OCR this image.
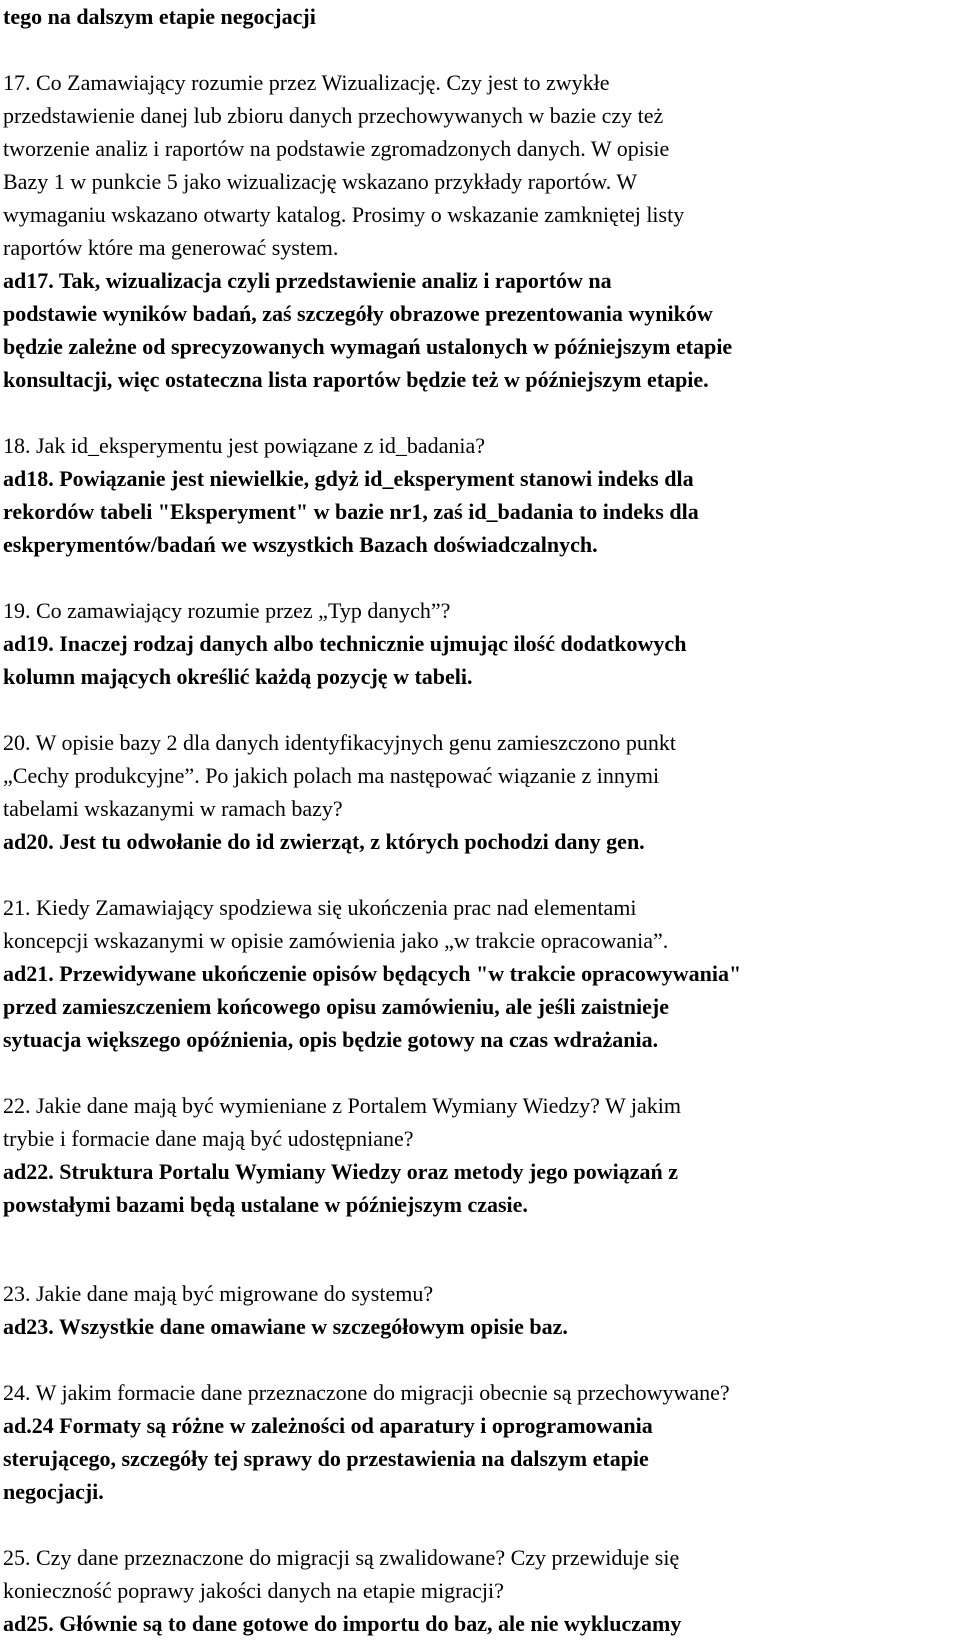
tego na dalszym etapie negocjacji
17. Co Zamawiający rozumie przez Wizualizację. Czy jest to zwykłe
przedstawienie danej lub zbioru danych przechowywanych w bazie czy też
tworzenie analiz i raportów na podstawie zgromadzonych danych. W opisie
Bazy 1 w punkcie 5 jako wizualizację wskazano przykłady raportów. W
wymaganiu wskazano otwarty katalog. Prosimy o wskazanie zamkniętej listy
raportów które ma generować system.
ad17. Tak, wizualizacja czyli przedstawienie analiz i raportów na
podstawie wyników badań, zaś szczegóły obrazowe prezentowania wyników
będzie zależne od sprecyzowanych wymagań ustalonych w późniejszym etapie
konsultacji, więc ostateczna lista raportów będzie też w późniejszym etapie.
18. Jak id_eksperymentu jest powiązane z id_badania?
ad18. Powiązanie jest niewielkie, gdyż id_eksperyment stanowi indeks dla
rekordów tabeli "Eksperyment" w bazie nr1, zaś id_badania to indeks dla
eskperymentów/badań we wszystkich Bazach doświadczalnych.
19. Co zamawiający rozumie przez „Typ danych”?
ad19. Inaczej rodzaj danych albo technicznie ujmując ilość dodatkowych
kolumn mających określić każdą pozycję w tabeli.
20. W opisie bazy 2 dla danych identyfikacyjnych genu zamieszczono punkt
„Cechy produkcyjne”. Po jakich polach ma następować wiązanie z innymi
tabelami wskazanymi w ramach bazy?
ad20. Jest tu odwołanie do id zwierząt, z których pochodzi dany gen.
21. Kiedy Zamawiający spodziewa się ukończenia prac nad elementami
koncepcji wskazanymi w opisie zamówienia jako „w trakcie opracowania”.
ad21. Przewidywane ukończenie opisów będących "w trakcie opracowywania"
przed zamieszczeniem końcowego opisu zamówieniu, ale jeśli zaistnieje
sytuacja większego opóźnienia, opis będzie gotowy na czas wdrażania.
22. Jakie dane mają być wymieniane z Portalem Wymiany Wiedzy? W jakim
trybie i formacie dane mają być udostępniane?
ad22. Struktura Portalu Wymiany Wiedzy oraz metody jego powiązań z
powstałymi bazami będą ustalane w późniejszym czasie.
23. Jakie dane mają być migrowane do systemu?
ad23. Wszystkie dane omawiane w szczegółowym opisie baz.
24. W jakim formacie dane przeznaczone do migracji obecnie są przechowywane?
ad.24 Formaty są różne w zależności od aparatury i oprogramowania
sterującego, szczegóły tej sprawy do przestawienia na dalszym etapie
negocjacji.
25. Czy dane przeznaczone do migracji są zwalidowane? Czy przewiduje się
konieczność poprawy jakości danych na etapie migracji?
ad25. Głównie są to dane gotowe do importu do baz, ale nie wykluczamy
